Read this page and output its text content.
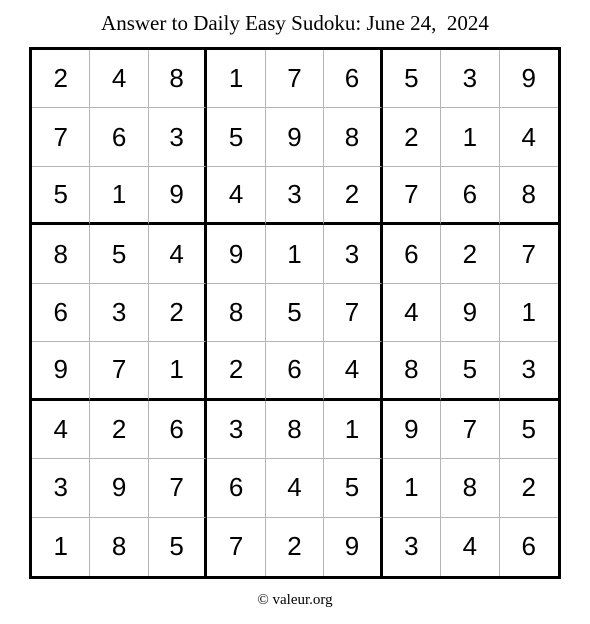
Answer to Daily Easy Sudoku: June 24,  2024
2	4	8	1	7	6	5	3	9
7	6	3	5	9	8	2	1	4
5	1	9	4	3	2	7	6	8
8	5	4	9	1	3	6	2	7
6	3	2	8	5	7	4	9	1
9	7	1	2	6	4	8	5	3
4	2	6	3	8	1	9	7	5
3	9	7	6	4	5	1	8	2
1	8	5	7	2	9	3	4	6
© valeur.org
